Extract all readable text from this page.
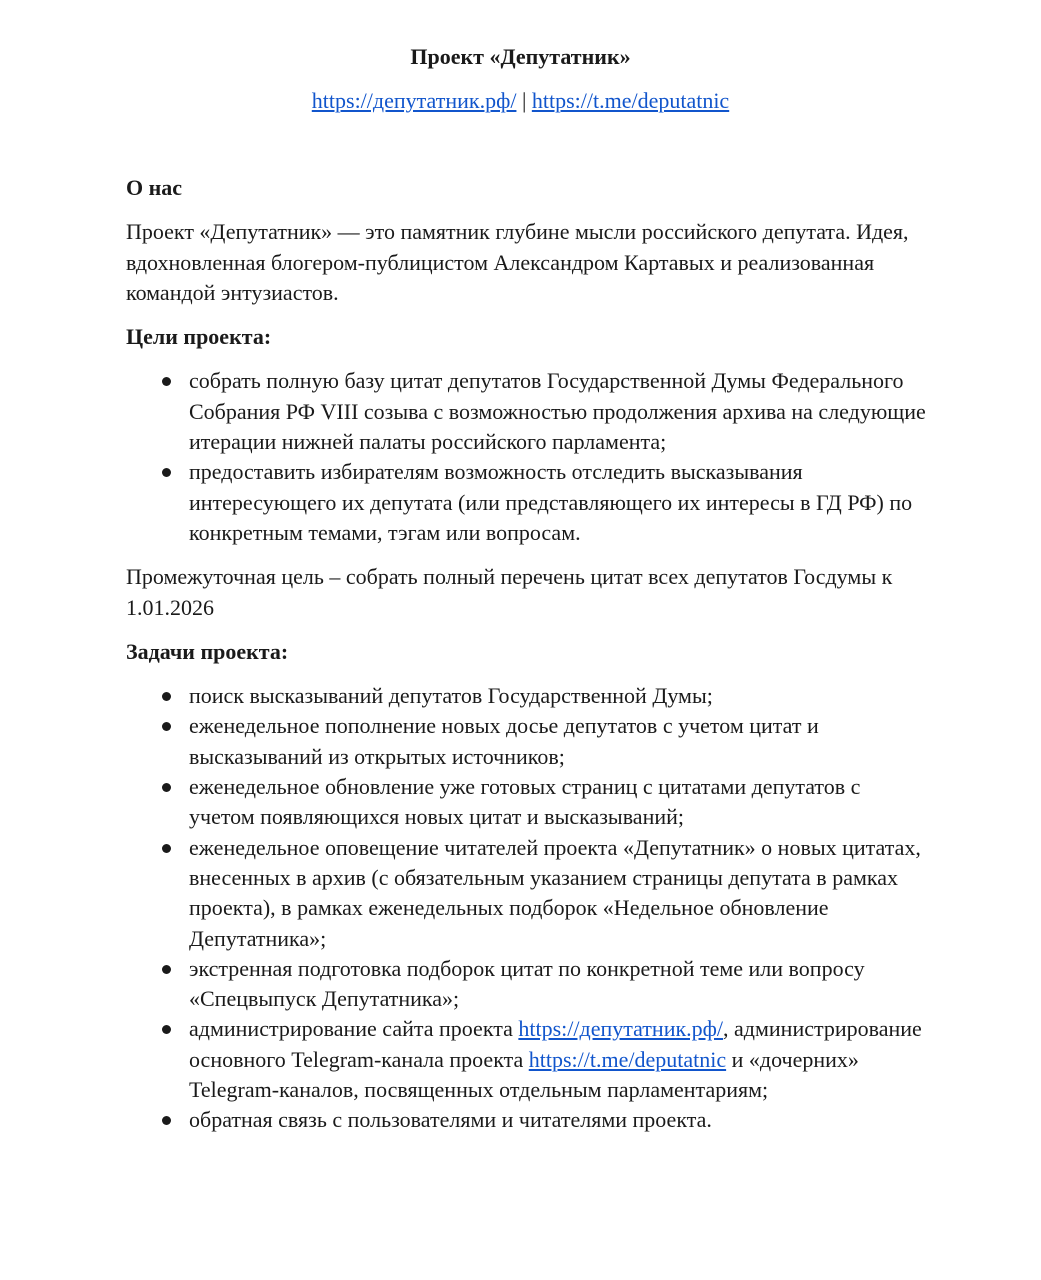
Проект «Депутатник»
https://депутатник.рф/ | https://t.me/deputatnic

О нас

Проект «Депутатник» — это памятник глубине мысли российского депутата. Идея, вдохновленная блогером-публицистом Александром Картавых и реализованная командой энтузиастов.

Цели проекта:

собрать полную базу цитат депутатов Государственной Думы Федерального Собрания РФ VIII созыва с возможностью продолжения архива на следующие итерации нижней палаты российского парламента;
предоставить избирателям возможность отследить высказывания интересующего их депутата (или представляющего их интересы в ГД РФ) по конкретным темами, тэгам или вопросам.

Промежуточная цель – собрать полный перечень цитат всех депутатов Госдумы к 1.01.2026

Задачи проекта:

поиск высказываний депутатов Государственной Думы;
еженедельное пополнение новых досье депутатов с учетом цитат и высказываний из открытых источников;
еженедельное обновление уже готовых страниц с цитатами депутатов с учетом появляющихся новых цитат и высказываний;
еженедельное оповещение читателей проекта «Депутатник» о новых цитатах, внесенных в архив (с обязательным указанием страницы депутата в рамках проекта), в рамках еженедельных подборок «Недельное обновление Депутатника»;
экстренная подготовка подборок цитат по конкретной теме или вопросу «Спецвыпуск Депутатника»;
администрирование сайта проекта https://депутатник.рф/, администрирование основного Telegram-канала проекта https://t.me/deputatnic и «дочерних» Telegram-каналов, посвященных отдельным парламентариям;
обратная связь с пользователями и читателями проекта.
